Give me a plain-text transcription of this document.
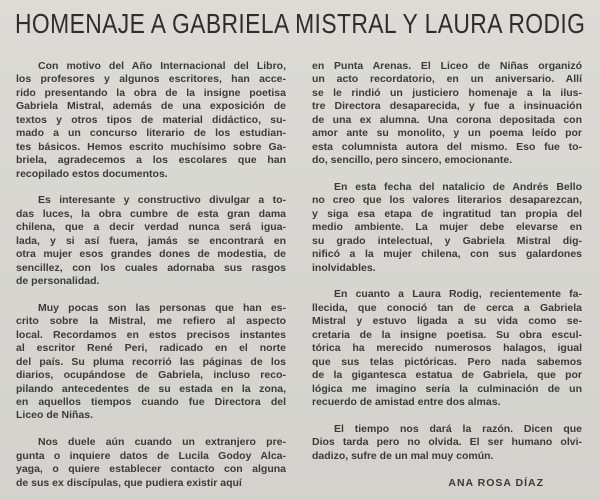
HOMENAJE A GABRIELA MISTRAL Y LAURA RODIG
Con motivo del Año Internacional del Libro,
los profesores y algunos escritores, han acce-
rido presentando la obra de la insigne poetisa
Gabriela Mistral, además de una exposición de
textos y otros tipos de material didáctico, su-
mado a un concurso literario de los estudian-
tes básicos. Hemos escrito muchísimo sobre Ga-
briela, agradecemos a los escolares que han
recopilado estos documentos.
Es interesante y constructivo divulgar a to-
das luces, la obra cumbre de esta gran dama
chilena, que a decir verdad nunca será igua-
lada, y si así fuera, jamás se encontrará en
otra mujer esos grandes dones de modestia, de
sencillez, con los cuales adornaba sus rasgos
de personalidad.
Muy pocas son las personas que han es-
crito sobre la Mistral, me refiero al aspecto
local. Recordamos en estos precisos instantes
al escritor René Peri, radicado en el norte
del país. Su pluma recorrió las páginas de los
diarios, ocupándose de Gabriela, incluso reco-
pilando antecedentes de su estada en la zona,
en aquellos tiempos cuando fue Directora del
Liceo de Niñas.
Nos duele aún cuando un extranjero pre-
gunta o inquiere datos de Lucila Godoy Alca-
yaga, o quiere establecer contacto con alguna
de sus ex discípulas, que pudiera existir aquí
en Punta Arenas. El Liceo de Niñas organizó
un acto recordatorio, en un aniversario. Allí
se le rindió un justiciero homenaje a la ilus-
tre Directora desaparecida, y fue a insinuación
de una ex alumna. Una corona depositada con
amor ante su monolito, y un poema leído por
esta columnista autora del mismo. Eso fue to-
do, sencillo, pero sincero, emocionante.
En esta fecha del natalicio de Andrés Bello
no creo que los valores literarios desaparezcan,
y siga esa etapa de ingratitud tan propia del
medio ambiente. La mujer debe elevarse en
su grado intelectual, y Gabriela Mistral dig-
nificó a la mujer chilena, con sus galardones
inolvidables.
En cuanto a Laura Rodig, recientemente fa-
llecida, que conoció tan de cerca a Gabriela
Mistral y estuvo ligada a su vida como se-
cretaria de la insigne poetisa. Su obra escul-
tórica ha merecido numerosos halagos, igual
que sus telas pictóricas. Pero nada sabemos
de la gigantesca estatua de Gabriela, que por
lógica me imagino sería la culminación de un
recuerdo de amistad entre dos almas.
El tiempo nos dará la razón. Dicen que
Dios tarda pero no olvida. El ser humano olvi-
dadizo, sufre de un mal muy común.
ANA ROSA DÍAZ
